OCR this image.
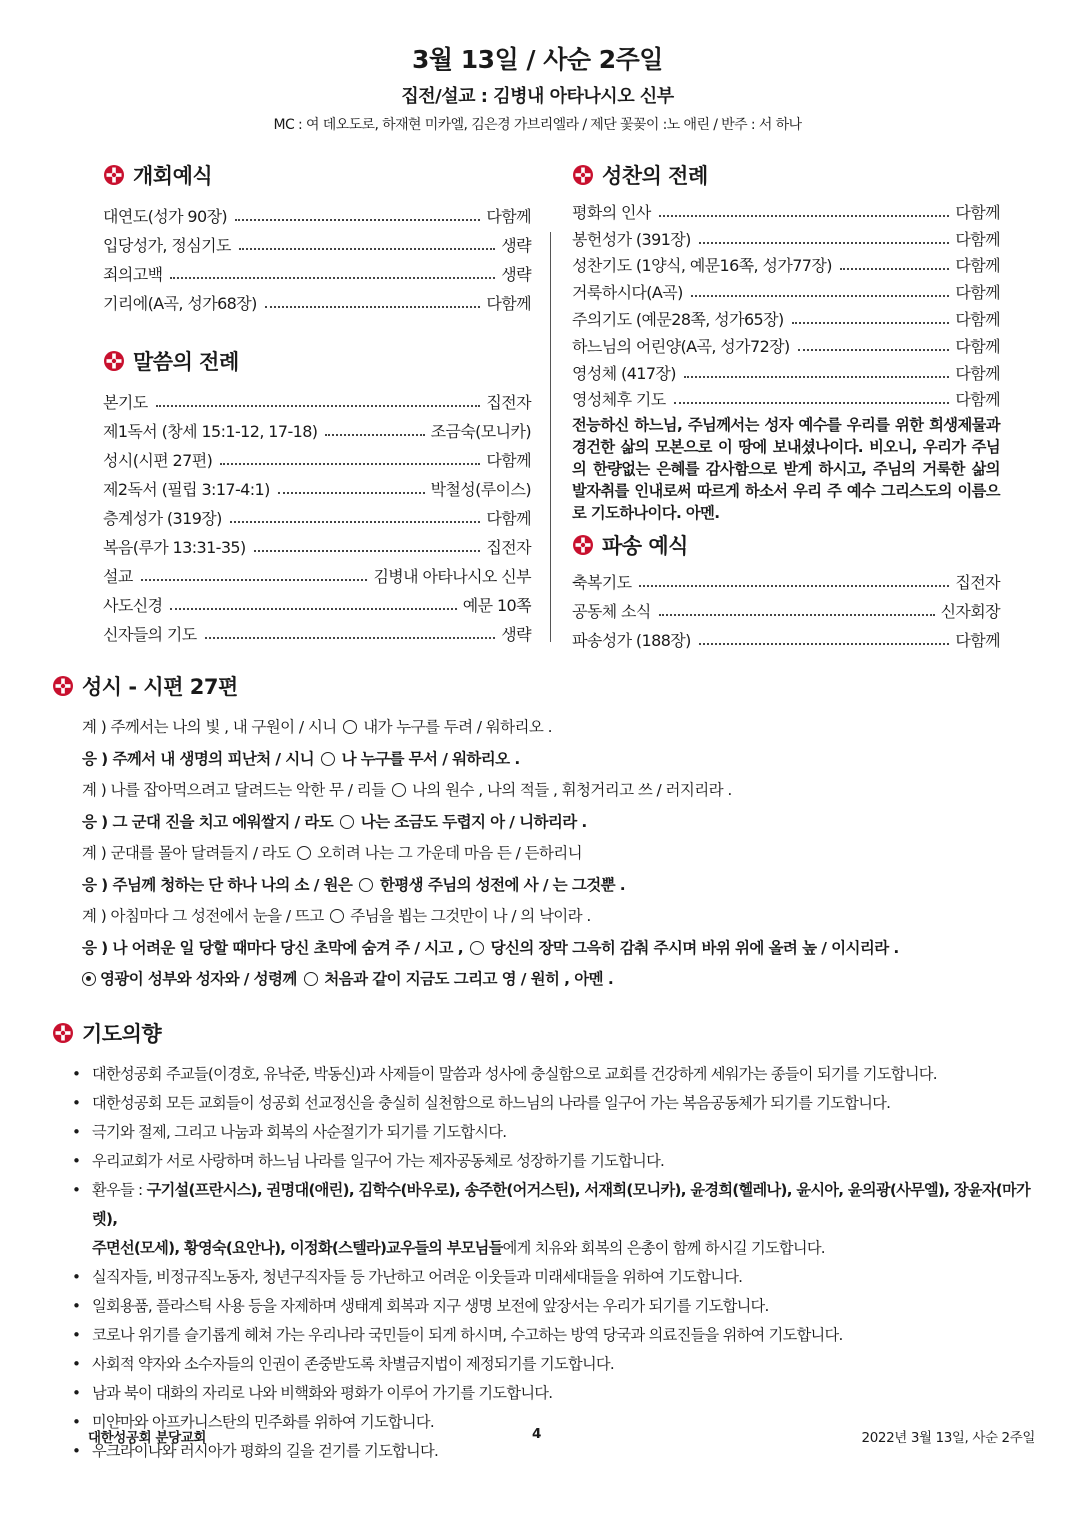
3월 13일 / 사순 2주일
집전/설교 : 김병내 아타나시오 신부
MC : 여 데오도로, 하재현 미카엘, 김은경 가브리엘라 / 제단 꽃꽂이 :노 애린 / 반주 : 서 하나
개회예식
대연도(성가 90장)	다함께
입당성가, 정심기도	생략
죄의고백	생략
기리에(A곡, 성가68장)	다함께
말씀의 전례
본기도	집전자
제1독서 (창세 15:1-12, 17-18)	조금숙(모니카)
성시(시편 27편)	다함께
제2독서 (필립 3:17-4:1)	박철성(루이스)
층계성가 (319장)	다함께
복음(루가 13:31-35)	집전자
설교	김병내 아타나시오 신부
사도신경	예문 10쪽
신자들의 기도	생략
성찬의 전례
평화의 인사	다함께
봉헌성가 (391장)	다함께
성찬기도 (1양식, 예문16쪽, 성가77장)	다함께
거룩하시다(A곡)	다함께
주의기도 (예문28쪽, 성가65장)	다함께
하느님의 어린양(A곡, 성가72장)	다함께
영성체 (417장)	다함께
영성체후 기도	다함께
전능하신 하느님, 주님께서는 성자 예수를 우리를 위한 희생제물과 경건한 삶의 모본으로 이 땅에 보내셨나이다. 비오니, 우리가 주님의 한량없는 은혜를 감사함으로 받게 하시고, 주님의 거룩한 삶의 발자취를 인내로써 따르게 하소서 우리 주 예수 그리스도의 이름으로 기도하나이다. 아멘.
파송 예식
축복기도	집전자
공동체 소식	신자회장
파송성가 (188장)	다함께
성시 - 시편 27편
계 ) 주께서는 나의 빛 , 내 구원이 / 시니 내가 누구를 두려 / 워하리오 .
응 ) 주께서 내 생명의 피난처 / 시니 나 누구를 무서 / 워하리오 .
계 ) 나를 잡아먹으려고 달려드는 악한 무 / 리들 나의 원수 , 나의 적들 , 휘청거리고 쓰 / 러지리라 .
응 ) 그 군대 진을 치고 에워쌀지 / 라도 나는 조금도 두렵지 아 / 니하리라 .
계 ) 군대를 몰아 달려들지 / 라도 오히려 나는 그 가운데 마음 든 / 든하리니
응 ) 주님께 청하는 단 하나 나의 소 / 원은 한평생 주님의 성전에 사 / 는 그것뿐 .
계 ) 아침마다 그 성전에서 눈을 / 뜨고 주님을 뵙는 그것만이 나 / 의 낙이라 .
응 ) 나 어려운 일 당할 때마다 당신 초막에 숨겨 주 / 시고 , 당신의 장막 그윽히 감춰 주시며 바위 위에 올려 높 / 이시리라 .
영광이 성부와 성자와 / 성령께 처음과 같이 지금도 그리고 영 / 원히 , 아멘 .
기도의향
• 대한성공회 주교들(이경호, 유낙준, 박동신)과 사제들이 말씀과 성사에 충실함으로 교회를 건강하게 세워가는 종들이 되기를 기도합니다.
• 대한성공회 모든 교회들이 성공회 선교정신을 충실히 실천함으로 하느님의 나라를 일구어 가는 복음공동체가 되기를 기도합니다.
• 극기와 절제, 그리고 나눔과 회복의 사순절기가 되기를 기도합시다.
• 우리교회가 서로 사랑하며 하느님 나라를 일구어 가는 제자공동체로 성장하기를 기도합니다.
• 환우들 : 구기설(프란시스), 권명대(애린), 김학수(바우로), 송주한(어거스틴), 서재희(모니카), 윤경희(헬레나), 윤시아, 윤의광(사무엘), 장윤자(마가렛),
주면선(모세), 황영숙(요안나), 이정화(스텔라)교우들의 부모님들에게 치유와 회복의 은총이 함께 하시길 기도합니다.
• 실직자들, 비정규직노동자, 청년구직자들 등 가난하고 어려운 이웃들과 미래세대들을 위하여 기도합니다.
• 일회용품, 플라스틱 사용 등을 자제하며 생태계 회복과 지구 생명 보전에 앞장서는 우리가 되기를 기도합니다.
• 코로나 위기를 슬기롭게 헤쳐 가는 우리나라 국민들이 되게 하시며, 수고하는 방역 당국과 의료진들을 위하여 기도합니다.
• 사회적 약자와 소수자들의 인권이 존중받도록 차별금지법이 제정되기를 기도합니다.
• 남과 북이 대화의 자리로 나와 비핵화와 평화가 이루어 가기를 기도합니다.
• 미얀마와 아프카니스탄의 민주화를 위하여 기도합니다.
• 우크라이나와 러시아가 평화의 길을 걷기를 기도합니다.
대한성공회 분당교회	4	2022년 3월 13일, 사순 2주일
